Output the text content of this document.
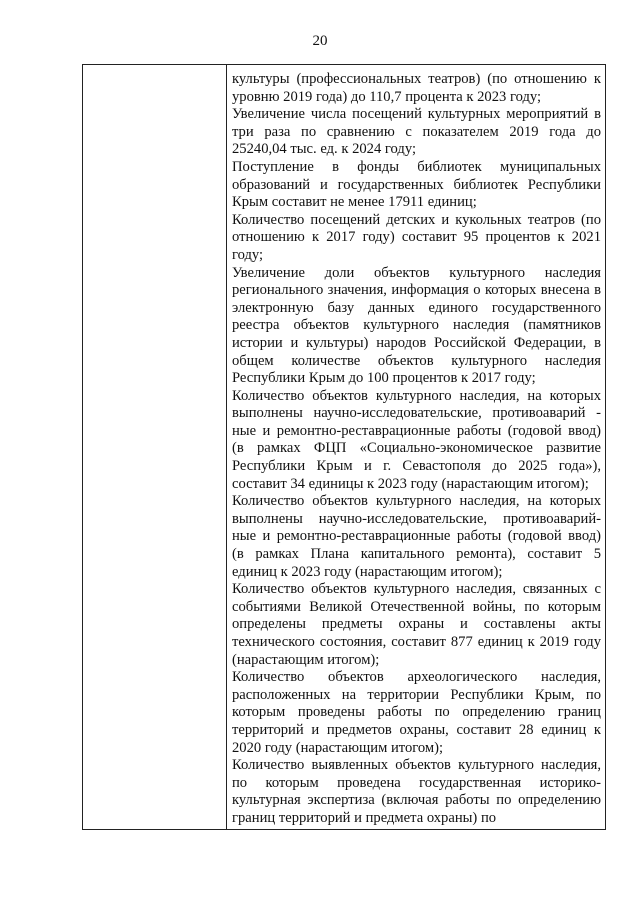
20

культуры (профессиональных театров) (по отношению к уровню 2019 года) до 110,7 процента к 2023 году;

Увеличение числа посещений культурных мероприятий в три раза по сравнению с показателем 2019 года до 25240,04 тыс. ед. к 2024 году;

Поступление в фонды библиотек муниципальных образований и государственных библиотек Республики Крым составит не менее 17911 единиц;

Количество посещений детских и кукольных театров (по отношению к 2017 году) составит 95 процентов к 2021 году;

Увеличение доли объектов культурного наследия регионального значения, информация о которых внесена в электронную базу данных единого государственного реестра объектов культурного наследия (памятников истории и культуры) народов Российской Федерации, в общем количестве объектов культурного наследия Республики Крым до 100 процентов к 2017 году;

Количество объектов культурного наследия, на которых выполнены научно-исследовательские, противоаварий - ные и ремонтно-реставрационные работы (годовой ввод) (в рамках ФЦП «Социально-экономическое развитие Республики Крым и г. Севастополя до 2025 года»), составит 34 единицы к 2023 году (нарастающим итогом);

Количество объектов культурного наследия, на которых выполнены научно-исследовательские, противоаварий- ные и ремонтно-реставрационные работы (годовой ввод) (в рамках Плана капитального ремонта), составит 5 единиц к 2023 году (нарастающим итогом);

Количество объектов культурного наследия, связанных с событиями Великой Отечественной войны, по которым определены предметы охраны и составлены акты технического состояния, составит 877 единиц к 2019 году (нарастающим итогом);

Количество объектов археологического наследия, расположенных на территории Республики Крым, по которым проведены работы по определению границ территорий и предметов охраны, составит 28 единиц к 2020 году (нарастающим итогом);

Количество выявленных объектов культурного наследия, по которым проведена государственная историко-культурная экспертиза (включая работы по определению границ территорий и предмета охраны) по
